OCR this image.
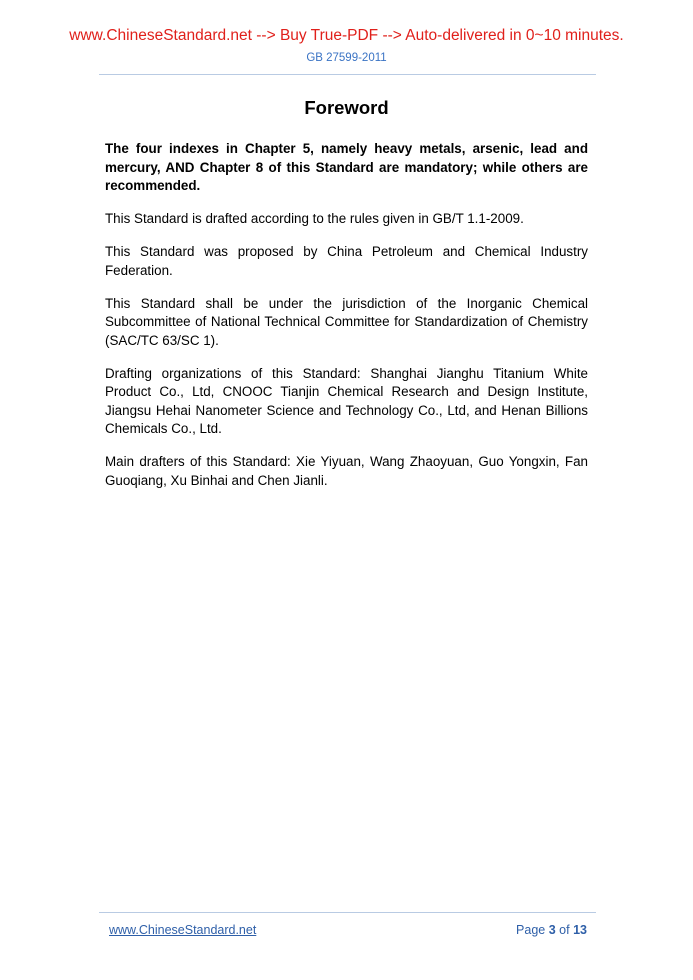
www.ChineseStandard.net --> Buy True-PDF --> Auto-delivered in 0~10 minutes.
GB 27599-2011
Foreword

The four indexes in Chapter 5, namely heavy metals, arsenic, lead and mercury, AND Chapter 8 of this Standard are mandatory; while others are recommended.

This Standard is drafted according to the rules given in GB/T 1.1-2009.

This Standard was proposed by China Petroleum and Chemical Industry Federation.

This Standard shall be under the jurisdiction of the Inorganic Chemical Subcommittee of National Technical Committee for Standardization of Chemistry (SAC/TC 63/SC 1).

Drafting organizations of this Standard: Shanghai Jianghu Titanium White Product Co., Ltd, CNOOC Tianjin Chemical Research and Design Institute, Jiangsu Hehai Nanometer Science and Technology Co., Ltd, and Henan Billions Chemicals Co., Ltd.

Main drafters of this Standard: Xie Yiyuan, Wang Zhaoyuan, Guo Yongxin, Fan Guoqiang, Xu Binhai and Chen Jianli.

www.ChineseStandard.net	Page 3 of 13
